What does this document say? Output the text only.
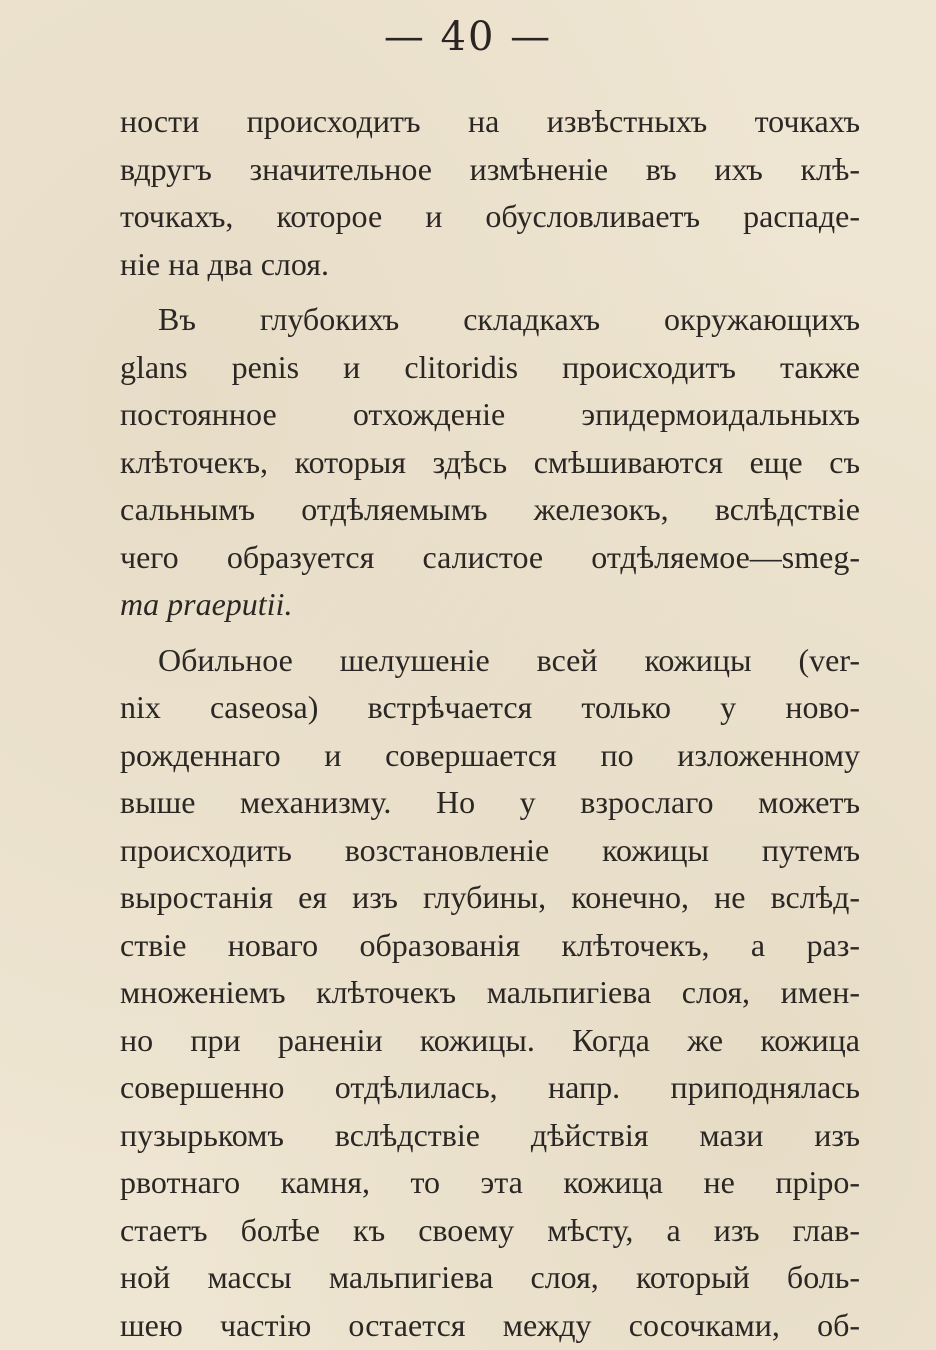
— 40 —
ности происходитъ на извѣстныхъ точкахъ
вдругъ значительное измѣненіе въ ихъ клѣ-
точкахъ, которое и обусловливаетъ распаде-
ніе на два слоя.
Въ глубокихъ складкахъ окружающихъ
glans penis и clitoridis происходитъ также
постоянное отхожденіе эпидермоидальныхъ
клѣточекъ, которыя здѣсь смѣшиваются еще съ
сальнымъ отдѣляемымъ железокъ, вслѣдствіе
чего образуется салистое отдѣляемое—smeg-
ma praeputii.
Обильное шелушеніе всей кожицы (ver-
nix caseosa) встрѣчается только у ново-
рожденнаго и совершается по изложенному
выше механизму. Но у взрослаго можетъ
происходить возстановленіе кожицы путемъ
выростанія ея изъ глубины, конечно, не вслѣд-
ствіе новаго образованія клѣточекъ, а раз-
множеніемъ клѣточекъ мальпигіева слоя, имен-
но при раненіи кожицы. Когда же кожица
совершенно отдѣлилась, напр. приподнялась
пузырькомъ вслѣдствіе дѣйствія мази изъ
рвотнаго камня, то эта кожица не прiро-
стаетъ болѣе къ своему мѣсту, а изъ глав-
ной массы мальпигіева слоя, который боль-
шею частію остается между сосочками, об-
